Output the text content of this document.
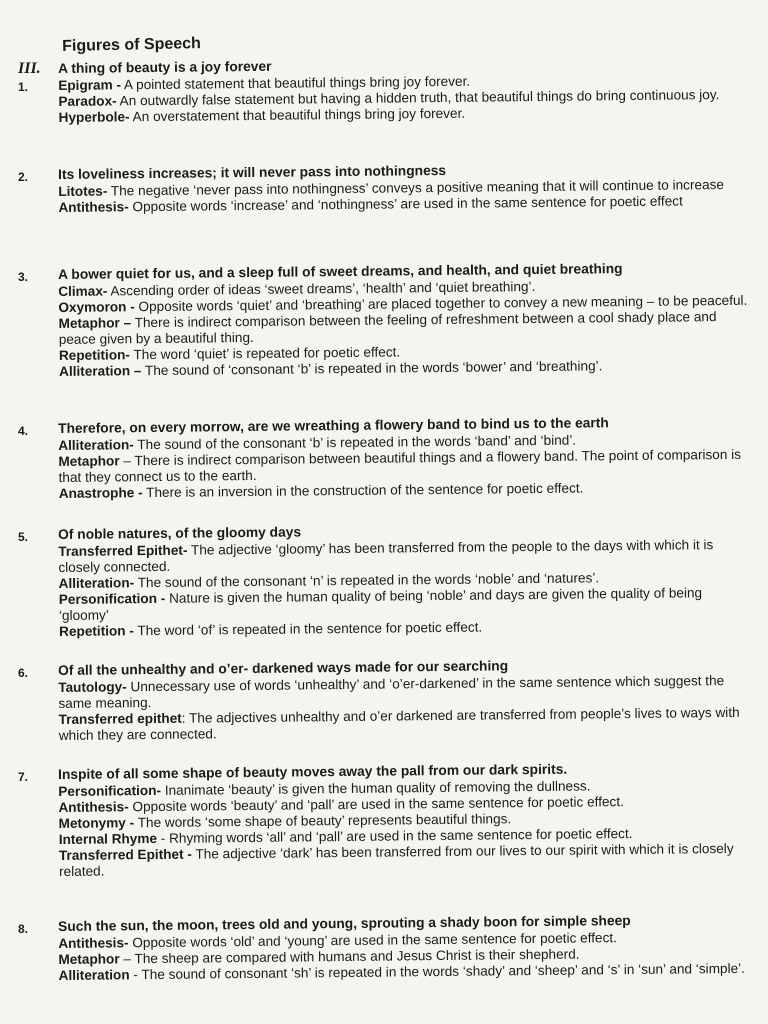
III.
Figures of Speech
1.
A thing of beauty is a joy forever

Epigram - A pointed statement that beautiful things bring joy forever.

Paradox- An outwardly false statement but having a hidden truth, that beautiful things do bring continuous joy.

Hyperbole- An overstatement that beautiful things bring joy forever.

2. Its loveliness increases; it will never pass into nothingness

Litotes- The negative ‘never pass into nothingness’ conveys a positive meaning that it will continue to increase

Antithesis- Opposite words ‘increase’ and ‘nothingness’ are used in the same sentence for poetic effect

3. A bower quiet for us, and a sleep full of sweet dreams, and health, and quiet breathing

Climax- Ascending order of ideas ‘sweet dreams’, ‘health’ and ‘quiet breathing’.

Oxymoron - Opposite words ‘quiet’ and ‘breathing’ are placed together to convey a new meaning – to be peaceful.

Metaphor – There is indirect comparison between the feeling of refreshment between a cool shady place and peace given by a beautiful thing.

Repetition- The word ‘quiet’ is repeated for poetic effect.

Alliteration – The sound of ‘consonant ‘b’ is repeated in the words ‘bower’ and ‘breathing’.

4. Therefore, on every morrow, are we wreathing a flowery band to bind us to the earth

Alliteration- The sound of the consonant ‘b’ is repeated in the words ‘band’ and ‘bind’.

Metaphor – There is indirect comparison between beautiful things and a flowery band. The point of comparison is that they connect us to the earth.

Anastrophe - There is an inversion in the construction of the sentence for poetic effect.

5. Of noble natures, of the gloomy days

Transferred Epithet- The adjective ‘gloomy’ has been transferred from the people to the days with which it is closely connected.

Alliteration- The sound of the consonant ‘n’ is repeated in the words ‘noble’ and ‘natures’.

Personification - Nature is given the human quality of being ‘noble’ and days are given the quality of being ‘gloomy’

Repetition - The word ‘of’ is repeated in the sentence for poetic effect.

6. Of all the unhealthy and o’er- darkened ways made for our searching

Tautology- Unnecessary use of words ‘unhealthy’ and ‘o’er-darkened’ in the same sentence which suggest the same meaning.

Transferred epithet: The adjectives unhealthy and o’er darkened are transferred from people’s lives to ways with which they are connected.

7. Inspite of all some shape of beauty moves away the pall from our dark spirits.

Personification- Inanimate ‘beauty’ is given the human quality of removing the dullness.

Antithesis- Opposite words ‘beauty’ and ‘pall’ are used in the same sentence for poetic effect.

Metonymy - The words ‘some shape of beauty’ represents beautiful things.

Internal Rhyme - Rhyming words ‘all’ and ‘pall’ are used in the same sentence for poetic effect.

Transferred Epithet - The adjective ‘dark’ has been transferred from our lives to our spirit with which it is closely related.

8. Such the sun, the moon, trees old and young, sprouting a shady boon for simple sheep

Antithesis- Opposite words ‘old’ and ‘young’ are used in the same sentence for poetic effect.

Metaphor – The sheep are compared with humans and Jesus Christ is their shepherd.

Alliteration - The sound of consonant ‘sh’ is repeated in the words ‘shady’ and ‘sheep’ and ‘s’ in ‘sun’ and ‘simple’.
